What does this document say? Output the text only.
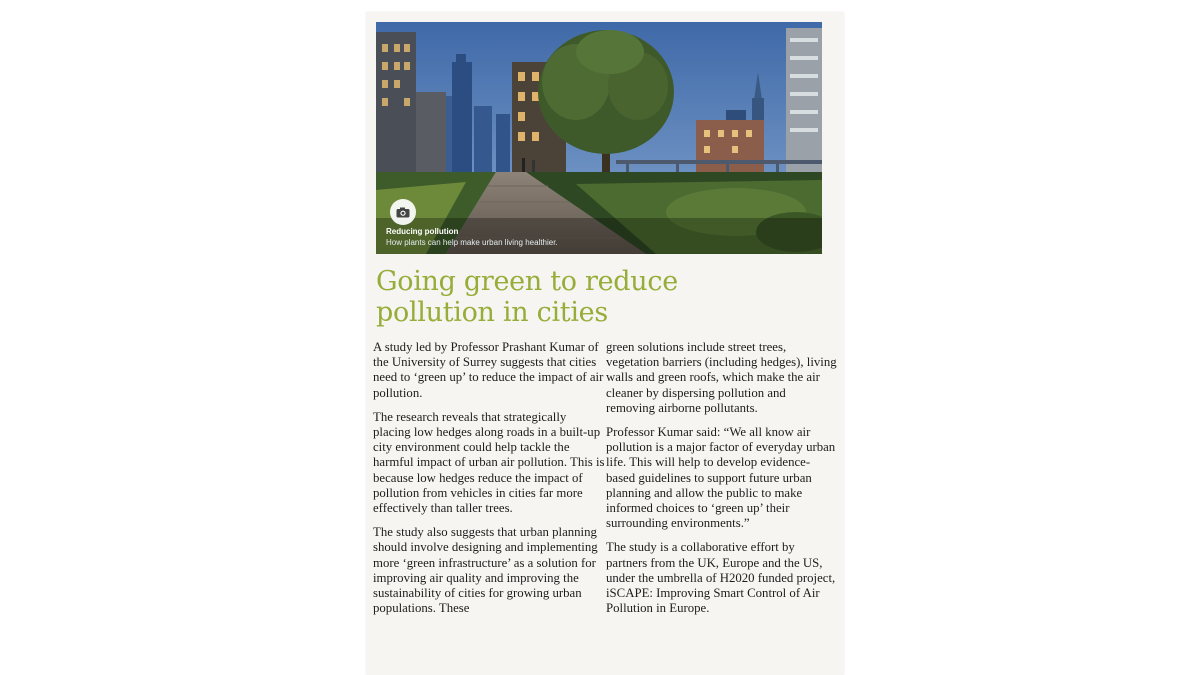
Reducing pollution
How plants can help make urban living healthier.
Going green to reduce
pollution in cities

A study led by Professor Prashant Kumar of the University of Surrey suggests that cities need to ‘green up’ to reduce the impact of air pollution.

The research reveals that strategically placing low hedges along roads in a built-up city environment could help tackle the harmful impact of urban air pollution. This is because low hedges reduce the impact of pollution from vehicles in cities far more effectively than taller trees.

The study also suggests that urban planning should involve designing and implementing more ‘green infrastructure’ as a solution for improving air quality and improving the sustainability of cities for growing urban populations. These

green solutions include street trees, vegetation barriers (including hedges), living walls and green roofs, which make the air cleaner by dispersing pollution and removing airborne pollutants.

Professor Kumar said: “We all know air pollution is a major factor of everyday urban life. This will help to develop evidence-based guidelines to support future urban planning and allow the public to make informed choices to ‘green up’ their surrounding environments.”

The study is a collaborative effort by partners from the UK, Europe and the US, under the umbrella of H2020 funded project, iSCAPE: Improving Smart Control of Air Pollution in Europe.
